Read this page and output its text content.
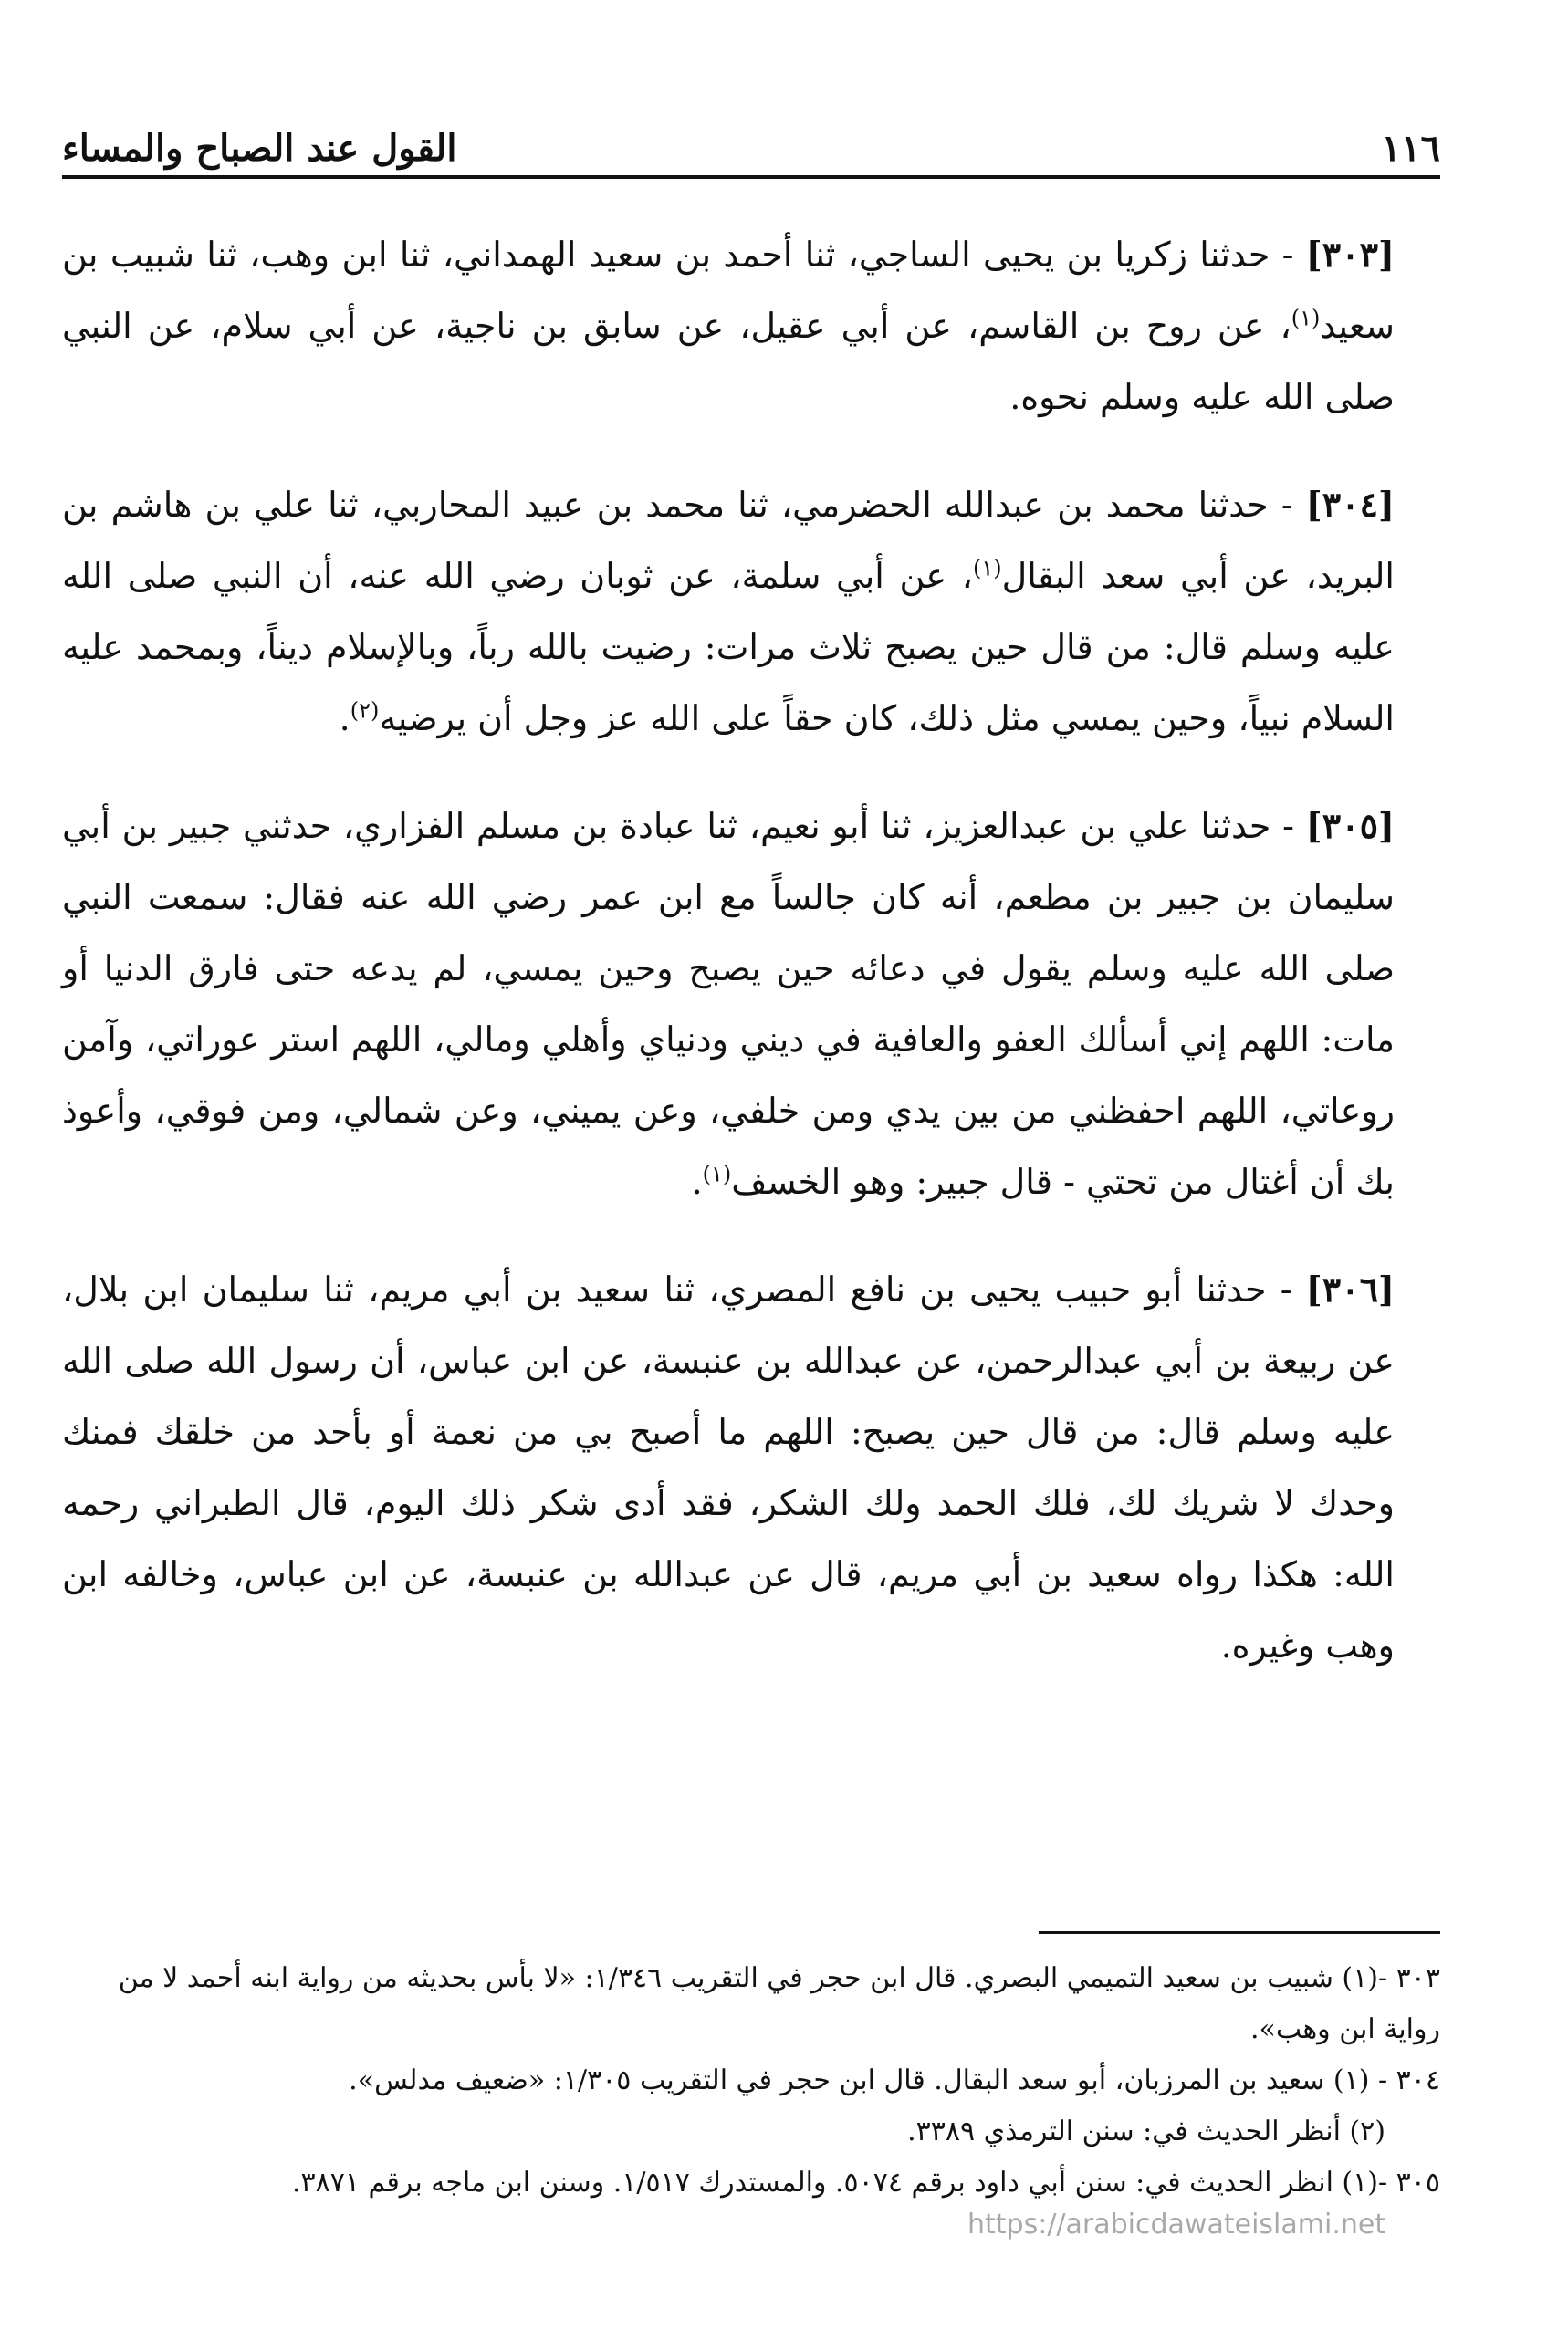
١١٦
القول عند الصباح والمساء

[٣٠٣] - حدثنا زكريا بن يحيى الساجي، ثنا أحمد بن سعيد الهمداني، ثنا ابن وهب، ثنا شبيب بن سعيد$^{(١)}$، عن روح بن القاسم، عن أبي عقيل، عن سابق بن ناجية، عن أبي سلام، عن النبي صلى الله عليه وسلم نحوه.

[٣٠٤] - حدثنا محمد بن عبدالله الحضرمي، ثنا محمد بن عبيد المحاربي، ثنا علي بن هاشم بن البريد، عن أبي سعد البقال$^{(١)}$، عن أبي سلمة، عن ثوبان رضي الله عنه، أن النبي صلى الله عليه وسلم قال: من قال حين يصبح ثلاث مرات: رضيت بالله رباً، وبالإسلام ديناً، وبمحمد عليه السلام نبياً، وحين يمسي مثل ذلك، كان حقاً على الله عز وجل أن يرضيه$^{(٢)}$.

[٣٠٥] - حدثنا علي بن عبدالعزيز، ثنا أبو نعيم، ثنا عبادة بن مسلم الفزاري، حدثني جبير بن أبي سليمان بن جبير بن مطعم، أنه كان جالساً مع ابن عمر رضي الله عنه فقال: سمعت النبي صلى الله عليه وسلم يقول في دعائه حين يصبح وحين يمسي، لم يدعه حتى فارق الدنيا أو مات: اللهم إني أسألك العفو والعافية في ديني ودنياي وأهلي ومالي، اللهم استر عوراتي، وآمن روعاتي، اللهم احفظني من بين يدي ومن خلفي، وعن يميني، وعن شمالي، ومن فوقي، وأعوذ بك أن أغتال من تحتي - قال جبير: وهو الخسف$^{(١)}$.

[٣٠٦] - حدثنا أبو حبيب يحيى بن نافع المصري، ثنا سعيد بن أبي مريم، ثنا سليمان ابن بلال، عن ربيعة بن أبي عبدالرحمن، عن عبدالله بن عنبسة، عن ابن عباس، أن رسول الله صلى الله عليه وسلم قال: من قال حين يصبح: اللهم ما أصبح بي من نعمة أو بأحد من خلقك فمنك وحدك لا شريك لك، فلك الحمد ولك الشكر، فقد أدى شكر ذلك اليوم، قال الطبراني رحمه الله: هكذا رواه سعيد بن أبي مريم، قال عن عبدالله بن عنبسة، عن ابن عباس، وخالفه ابن وهب وغيره.

٣٠٣ -(١) شبيب بن سعيد التميمي البصري. قال ابن حجر في التقريب ١/٣٤٦: «لا بأس بحديثه من رواية ابنه أحمد لا من رواية ابن وهب».

٣٠٤ - (١) سعيد بن المرزبان، أبو سعد البقال. قال ابن حجر في التقريب ١/٣٠٥: «ضعيف مدلس».

(٢) أنظر الحديث في: سنن الترمذي ٣٣٨٩.

٣٠٥ -(١) انظر الحديث في: سنن أبي داود برقم ٥٠٧٤. والمستدرك ١/٥١٧. وسنن ابن ماجه برقم ٣٨٧١.

https://arabicdawateislami.net
